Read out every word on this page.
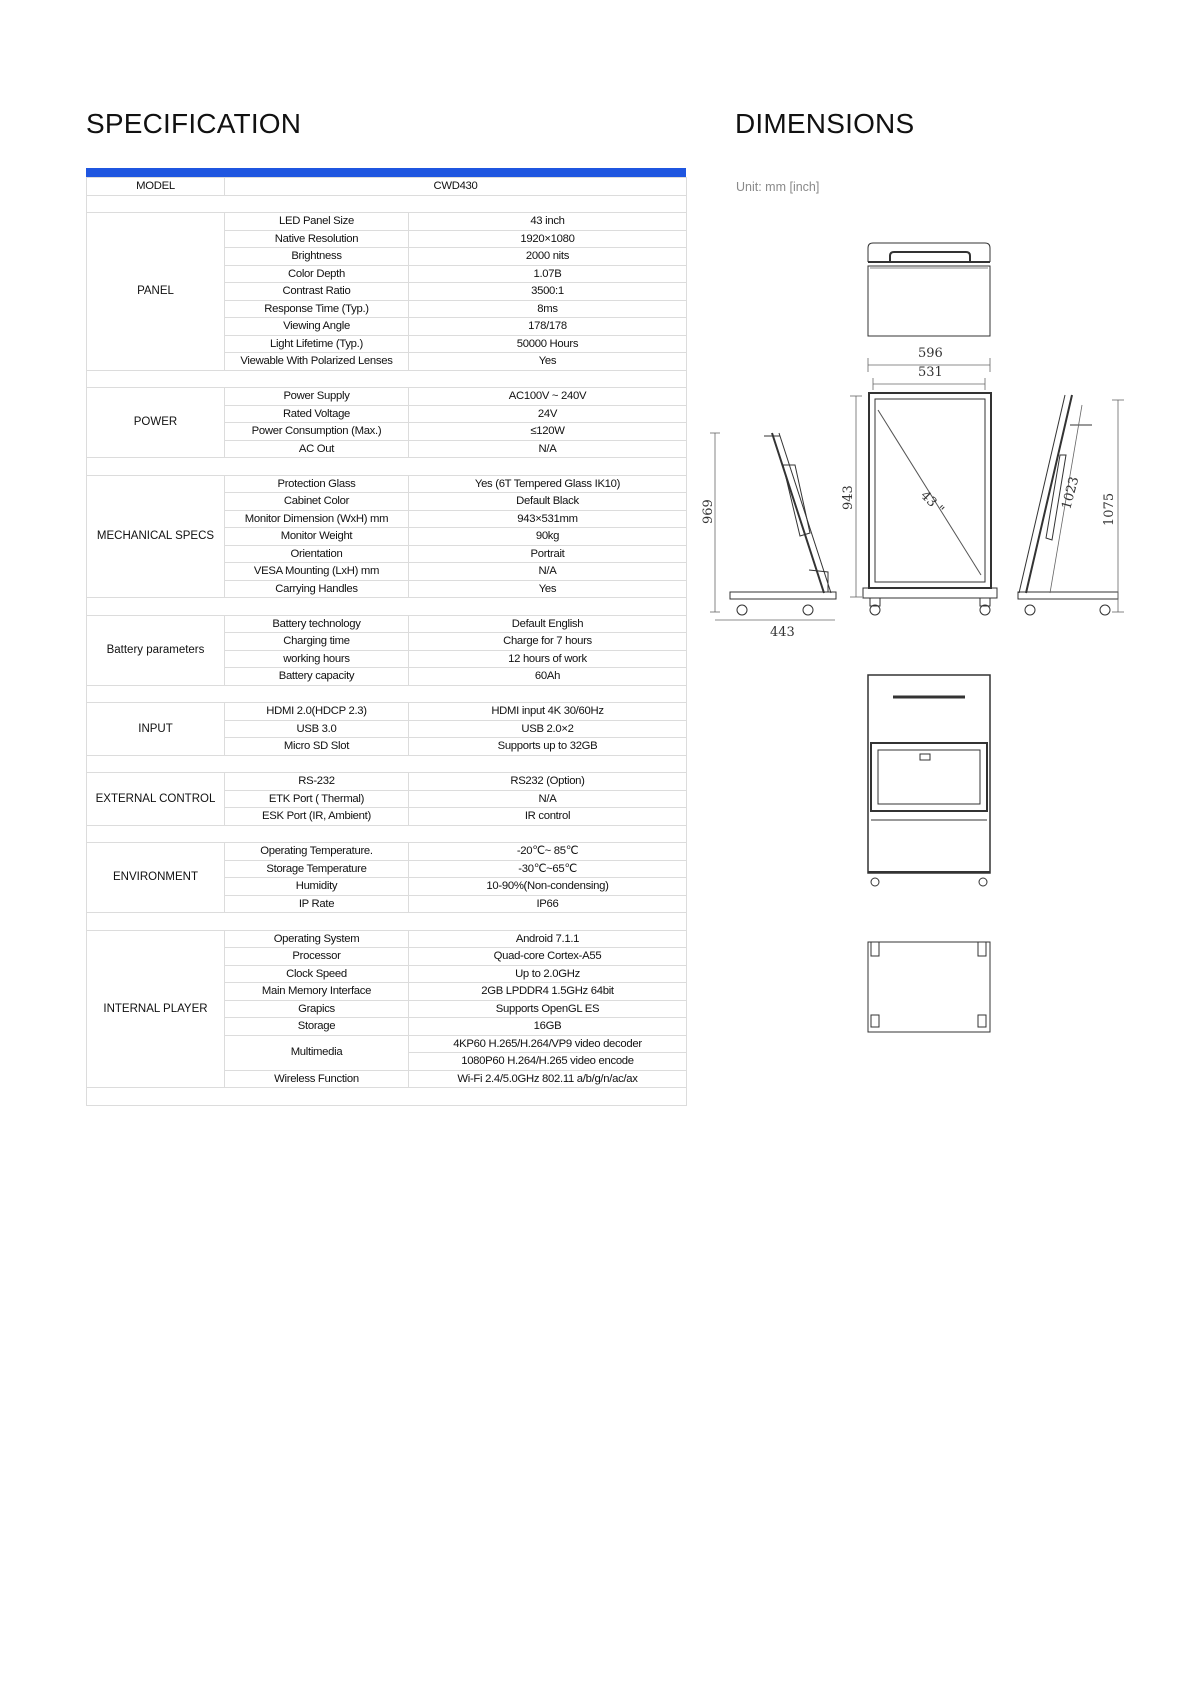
SPECIFICATION	DIMENSIONS
Unit: mm [inch]
MODEL	CWD430	

PANEL	LED Panel Size	43 inch
	Native Resolution	1920×1080
	Brightness	2000 nits
	Color Depth	1.07B
	Contrast Ratio	3500:1
	Response Time (Typ.)	8ms
	Viewing Angle	178/178
	Light Lifetime (Typ.)	50000 Hours
	Viewable With Polarized Lenses	Yes

POWER	Power Supply	AC100V ~ 240V
	Rated Voltage	24V
	Power Consumption (Max.)	≤120W
	AC Out	N/A

MECHANICAL SPECS	Protection Glass	Yes (6T Tempered Glass IK10)
	Cabinet Color	Default Black
	Monitor Dimension (WxH) mm	943×531mm
	Monitor Weight	90kg
	Orientation	Portrait
	VESA Mounting (LxH) mm	N/A
	Carrying Handles	Yes

Battery parameters	Battery technology	Default English
	Charging time	Charge for 7 hours
	working hours	12 hours of work
	Battery capacity	60Ah

INPUT	HDMI 2.0(HDCP 2.3)	HDMI input 4K 30/60Hz
	USB 3.0	USB 2.0×2
	Micro SD Slot	Supports up to 32GB

EXTERNAL CONTROL	RS-232	RS232 (Option)
	ETK Port ( Thermal)	N/A
	ESK Port (IR, Ambient)	IR control

ENVIRONMENT	Operating Temperature.	-20℃~ 85℃
	Storage Temperature	-30℃~65℃
	Humidity	10-90%(Non-condensing)
	IP Rate	IP66

INTERNAL PLAYER	Operating System	Android 7.1.1
	Processor	Quad-core Cortex-A55
	Clock Speed	Up to 2.0GHz
	Main Memory Interface	2GB LPDDR4 1.5GHz 64bit
	Grapics	Supports OpenGL ES
	Storage	16GB
	Multimedia	4KP60 H.265/H.264/VP9 video decoder
		1080P60 H.264/H.265 video encode
	Wireless Function	Wi-Fi 2.4/5.0GHz 802.11 a/b/g/n/ac/ax

596
531
969
443
943	43 "	1023 1075
